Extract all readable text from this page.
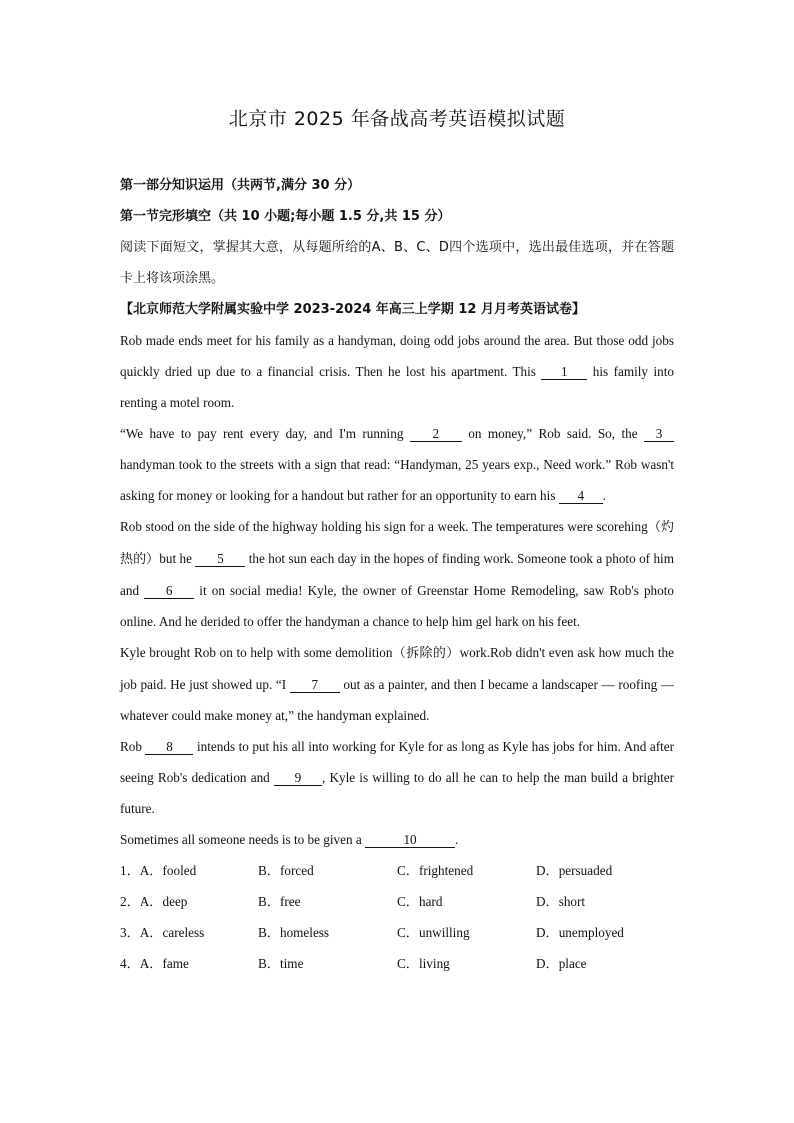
北京市 2025 年备战高考英语模拟试题

第一部分知识运用（共两节,满分 30 分）

第一节完形填空（共 10 小题;每小题 1.5 分,共 15 分）

阅读下面短文，掌握其大意，从每题所给的A、B、C、D四个选项中，选出最佳选项，并在答题卡上将该项涂黑。

【北京师范大学附属实验中学 2023-2024 年高三上学期 12 月月考英语试卷】

Rob made ends meet for his family as a handyman, doing odd jobs around the area. But those odd jobs quickly dried up due to a financial crisis. Then he lost his apartment. This 1 his family into renting a motel room.

“We have to pay rent every day, and I'm running 2 on money,” Rob said. So, the 3 handyman took to the streets with a sign that read: “Handyman, 25 years exp., Need work.” Rob wasn't asking for money or looking for a handout but rather for an opportunity to earn his 4 .

Rob stood on the side of the highway holding his sign for a week. The temperatures were scorehing（灼热的）but he 5 the hot sun each day in the hopes of finding work. Someone took a photo of him and 6 it on social media! Kyle, the owner of Greenstar Home Remodeling, saw Rob's photo online. And he derided to offer the handyman a chance to help him gel hark on his feet.

Kyle brought Rob on to help with some demolition（拆除的）work.Rob didn't even ask how much the job paid. He just showed up. “I 7 out as a painter, and then I became a landscaper — roofing — whatever could make money at,” the handyman explained.

Rob 8 intends to put his all into working for Kyle for as long as Kyle has jobs for him. And after seeing Rob's dedication and 9 , Kyle is willing to do all he can to help the man build a brighter future.

Sometimes all someone needs is to be given a	10	.

1．A．fooled	B．forced	C．frightened	D．persuaded
2．A．deep	B．free	C．hard	D．short
3．A．careless	B．homeless	C．unwilling	D．unemployed
4．A．fame	B．time	C．living	D．place
